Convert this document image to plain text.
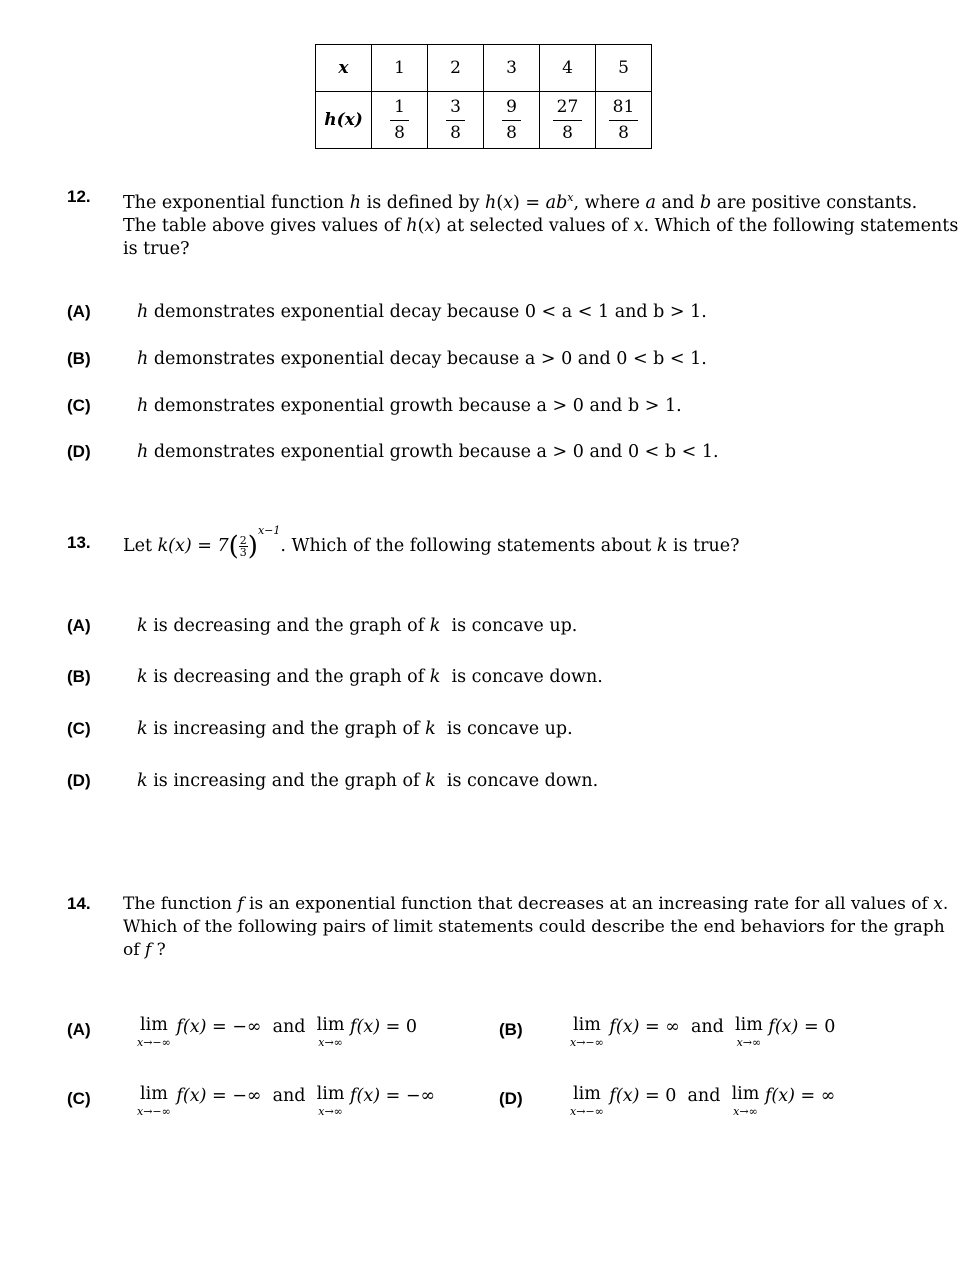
x	1	2	3	4	5
h(x)	$\frac{1}{8}$	$\frac{3}{8}$	$\frac{9}{8}$	$\frac{27}{8}$	$\frac{81}{8}$
12. The exponential function h is defined by $h(x) = ab^x$, where a and b are positive constants.
The table above gives values of h(x) at selected values of x. Which of the following statements
is true?
(A)	h demonstrates exponential decay because 0 < a < 1 and b > 1.
(B)	h demonstrates exponential decay because a > 0 and 0 < b < 1.
(C)	h demonstrates exponential growth because a > 0 and b > 1.
(D)	h demonstrates exponential growth because a > 0 and 0 < b < 1.
13. Let $k(x) = 7( \frac{2}{3} )^{x-1}$. Which of the following statements about k is true?
(A)	k is decreasing and the graph of k is concave up.
(B)	k is decreasing and the graph of k is concave down.
(C)	k is increasing and the graph of k is concave up.
(D)	k is increasing and the graph of k is concave down.
14. The function f is an exponential function that decreases at an increasing rate for all values of x.
Which of the following pairs of limit statements could describe the end behaviors for the graph
of f ?
(A)	lim
x→−∞
f(x) = −∞ and lim
x→∞
f(x) = 0	(B)	lim
x→−∞
f(x) = ∞ and lim
x→∞
f(x) = 0
(C)	lim
x→−∞
f(x) = −∞ and lim
x→∞
f(x) = −∞	(D)	lim
x→−∞
f(x) = 0 and lim
x→∞
f(x) = ∞
